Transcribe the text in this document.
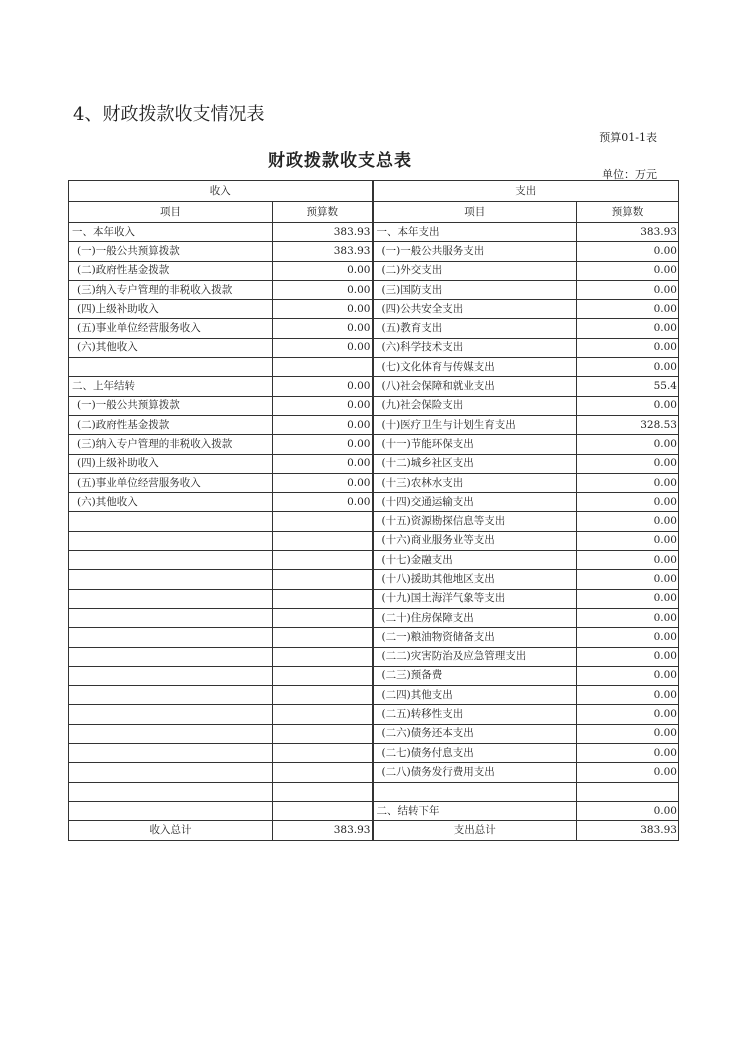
4、财政拨款收支情况表
预算01-1表
财政拨款收支总表
单位：万元
收入		支出	
项目	预算数	项目	预算数
一、本年收入	383.93	一、本年支出	383.93
(一)一般公共预算拨款	383.93	(一)一般公共服务支出	0.00
(二)政府性基金拨款	0.00	(二)外交支出	0.00
(三)纳入专户管理的非税收入拨款	0.00	(三)国防支出	0.00
(四)上级补助收入	0.00	(四)公共安全支出	0.00
(五)事业单位经营服务收入	0.00	(五)教育支出	0.00
(六)其他收入	0.00	(六)科学技术支出	0.00
		(七)文化体育与传媒支出	0.00
二、上年结转	0.00	(八)社会保障和就业支出	55.4
(一)一般公共预算拨款	0.00	(九)社会保险支出	0.00
(二)政府性基金拨款	0.00	(十)医疗卫生与计划生育支出	328.53
(三)纳入专户管理的非税收入拨款	0.00	(十一)节能环保支出	0.00
(四)上级补助收入	0.00	(十二)城乡社区支出	0.00
(五)事业单位经营服务收入	0.00	(十三)农林水支出	0.00
(六)其他收入	0.00	(十四)交通运输支出	0.00
		(十五)资源勘探信息等支出	0.00
		(十六)商业服务业等支出	0.00
		(十七)金融支出	0.00
		(十八)援助其他地区支出	0.00
		(十九)国土海洋气象等支出	0.00
		(二十)住房保障支出	0.00
		(二一)粮油物资储备支出	0.00
		(二二)灾害防治及应急管理支出	0.00
		(二三)预备费	0.00
		(二四)其他支出	0.00
		(二五)转移性支出	0.00
		(二六)债务还本支出	0.00
		(二七)债务付息支出	0.00
		(二八)债务发行费用支出	0.00

		二、结转下年	0.00
收入总计	383.93	支出总计	383.93
